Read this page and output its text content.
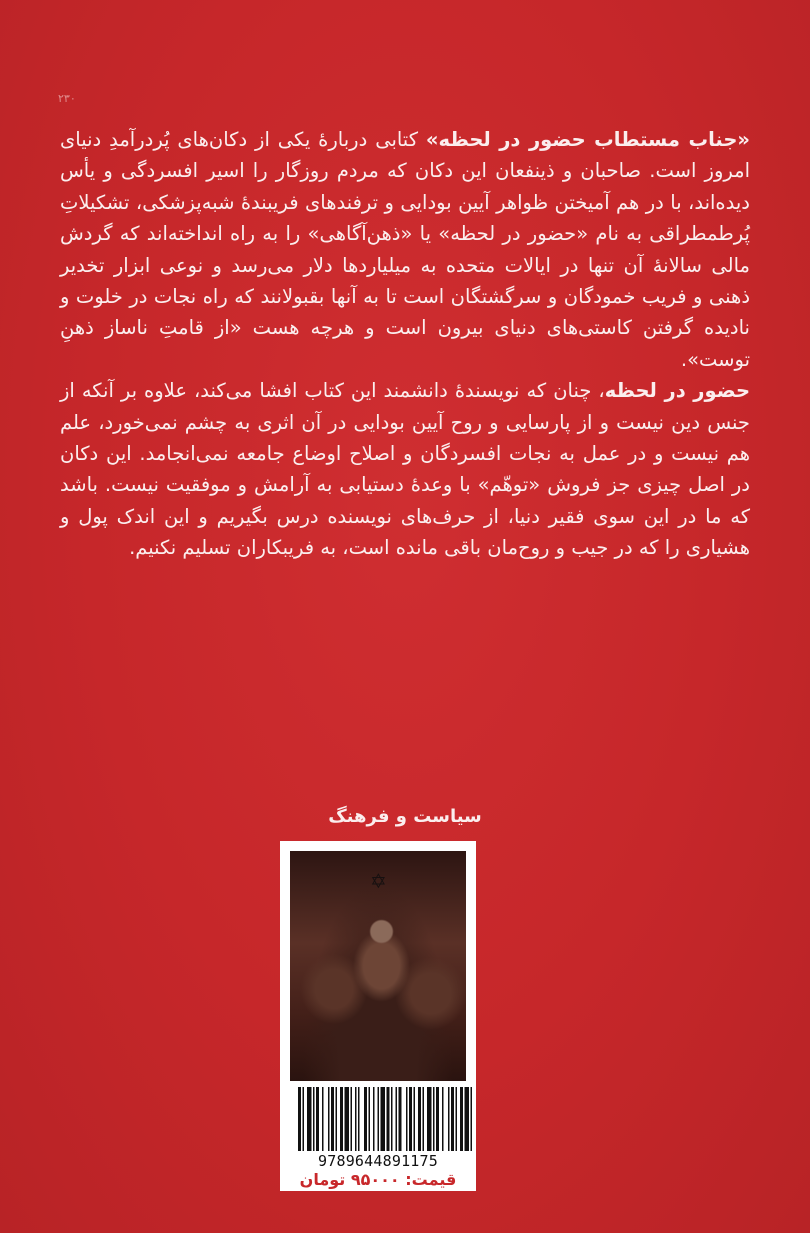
۲۳۰

«جناب مستطاب حضور در لحظه» کتابی دربارهٔ یکی از دکان‌های پُردرآمدِ دنیای امروز است. صاحبان و ذینفعان این دکان که مردم روزگار را اسیر افسردگی و یأس دیده‌اند، با در هم آمیختن ظواهر آیین بودایی و ترفندهای فریبندهٔ شبه‌پزشکی، تشکیلاتِ پُرطمطراقی به نام «حضور در لحظه» یا «ذهن‌آگاهی» را به راه انداخته‌اند که گردش مالی سالانهٔ آن تنها در ایالات متحده به میلیاردها دلار می‌رسد و نوعی ابزار تخدیر ذهنی و فریب خمودگان و سرگشتگان است تا به آنها بقبولانند که راه نجات در خلوت و نادیده گرفتن کاستی‌های دنیای بیرون است و هرچه هست «از قامتِ ناساز ذهنِ توست».

حضور در لحظه، چنان که نویسندهٔ دانشمند این کتاب افشا می‌کند، علاوه بر آنکه از جنس دین نیست و از پارسایی و روح آیین بودایی در آن اثری به چشم نمی‌خورد، علم هم نیست و در عمل به نجات افسردگان و اصلاح اوضاع جامعه نمی‌انجامد. این دکان در اصل چیزی جز فروش «توهّم» با وعدهٔ دستیابی به آرامش و موفقیت نیست. باشد که ما در این سوی فقیر دنیا، از حرف‌های نویسنده درس بگیریم و این اندک پول و هشیاری را که در جیب و روح‌مان باقی مانده است، به فریبکاران تسلیم نکنیم.

سیاست و فرهنگ
✡
9789644891175
قیمت: ۹۵۰۰۰ تومان
